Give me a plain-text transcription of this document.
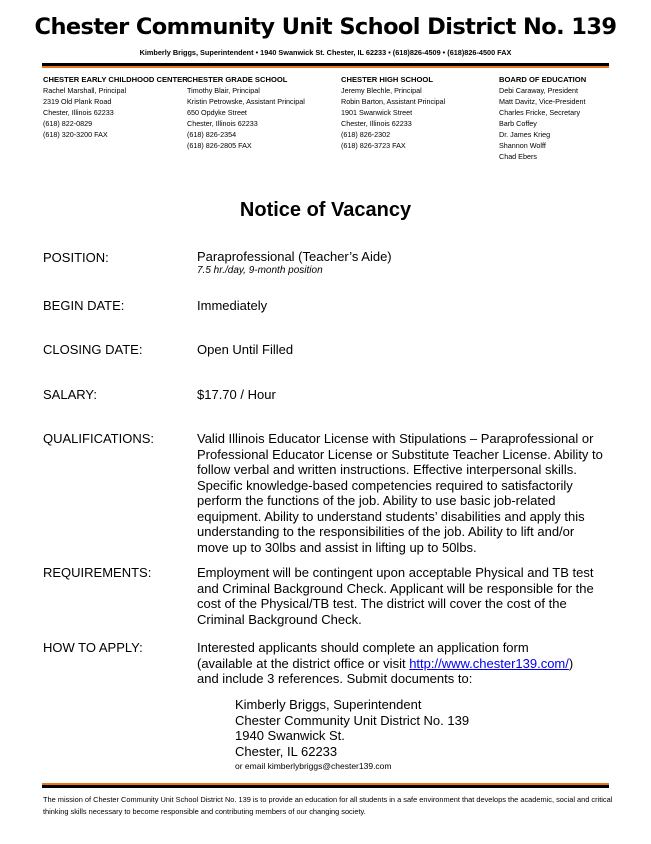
Chester Community Unit School District No. 139
Kimberly Briggs, Superintendent • 1940 Swanwick St. Chester, IL 62233 • (618)826-4509 • (618)826-4500 FAX
CHESTER EARLY CHILDHOOD CENTER
Rachel Marshall, Principal
2319 Old Plank Road
Chester, Illinois 62233
(618) 822-0829
(618) 320-3200 FAX
CHESTER GRADE SCHOOL
Timothy Blair, Principal
Kristin Petrowske, Assistant Principal
650 Opdyke Street
Chester, Illinois 62233
(618) 826-2354
(618) 826-2805 FAX
CHESTER HIGH SCHOOL
Jeremy Blechle, Principal
Robin Barton, Assistant Principal
1901 Swanwick Street
Chester, Illinois 62233
(618) 826-2302
(618) 826-3723 FAX
BOARD OF EDUCATION
Debi Caraway, President
Matt Davitz, Vice-President
Charles Fricke, Secretary
Barb Coffey
Dr. James Krieg
Shannon Wolff
Chad Ebers
Notice of Vacancy
POSITION:	Paraprofessional (Teacher’s Aide)
7.5 hr./day, 9-month position
BEGIN DATE:	Immediately
CLOSING DATE:	Open Until Filled
SALARY:	$17.70 / Hour
QUALIFICATIONS:	Valid Illinois Educator License with Stipulations – Paraprofessional or
Professional Educator License or Substitute Teacher License. Ability to
follow verbal and written instructions. Effective interpersonal skills.
Specific knowledge-based competencies required to satisfactorily
perform the functions of the job. Ability to use basic job-related
equipment. Ability to understand students’ disabilities and apply this
understanding to the responsibilities of the job. Ability to lift and/or
move up to 30lbs and assist in lifting up to 50lbs.
REQUIREMENTS:	Employment will be contingent upon acceptable Physical and TB test
and Criminal Background Check. Applicant will be responsible for the
cost of the Physical/TB test. The district will cover the cost of the
Criminal Background Check.
HOW TO APPLY:	Interested applicants should complete an application form
(available at the district office or visit http://www.chester139.com/)
and include 3 references. Submit documents to:
Kimberly Briggs, Superintendent
Chester Community Unit District No. 139
1940 Swanwick St.
Chester, IL 62233
or email kimberlybriggs@chester139.com
The mission of Chester Community Unit School District No. 139 is to provide an education for all students in a safe environment that develops the academic, social and critical thinking skills necessary to become responsible and contributing members of our changing society.
